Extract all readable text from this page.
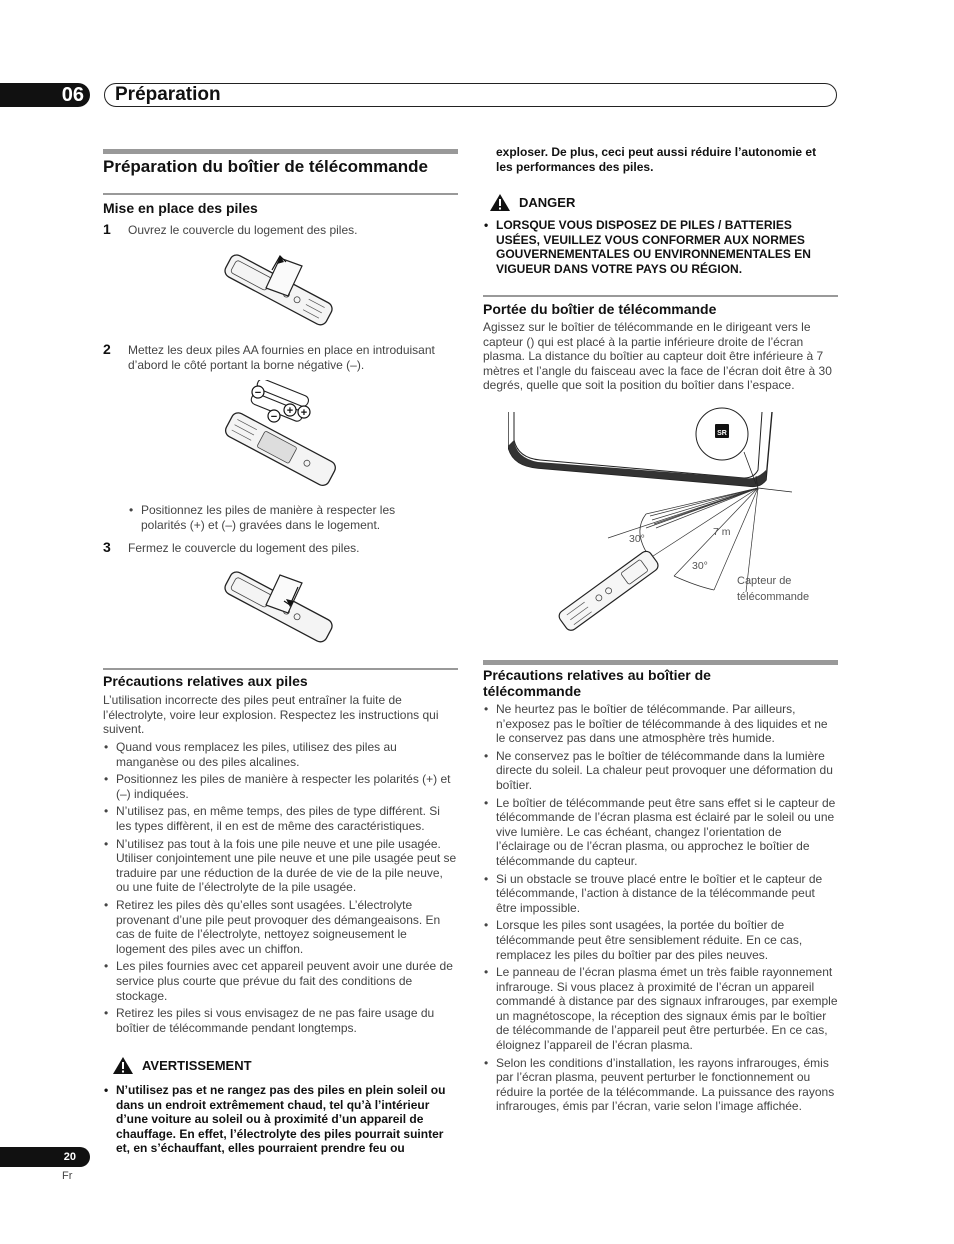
06	Préparation
Préparation du boîtier de télécommande
Mise en place des piles
1 Ouvrez le couvercle du logement des piles.
2 Mettez les deux piles AA fournies en place en introduisant d’abord le côté portant la borne négative (–).
−
+
− +
• Positionnez les piles de manière à respecter les polarités (+) et (–) gravées dans le logement.
3 Fermez le couvercle du logement des piles.
Précautions relatives aux piles
L’utilisation incorrecte des piles peut entraîner la fuite de l’électrolyte, voire leur explosion. Respectez les instructions qui suivent.
• Quand vous remplacez les piles, utilisez des piles au manganèse ou des piles alcalines.
• Positionnez les piles de manière à respecter les polarités (+) et (–) indiquées.
• N’utilisez pas, en même temps, des piles de type différent. Si les types diffèrent, il en est de même des caractéristiques.
• N’utilisez pas tout à la fois une pile neuve et une pile usagée. Utiliser conjointement une pile neuve et une pile usagée peut se traduire par une réduction de la durée de vie de la pile neuve, ou une fuite de l’électrolyte de la pile usagée.
• Retirez les piles dès qu’elles sont usagées. L’électrolyte provenant d’une pile peut provoquer des démangeaisons. En cas de fuite de l’électrolyte, nettoyez soigneusement le logement des piles avec un chiffon.
• Les piles fournies avec cet appareil peuvent avoir une durée de service plus courte que prévue du fait des conditions de stockage.
• Retirez les piles si vous envisagez de ne pas faire usage du boîtier de télécommande pendant longtemps.
AVERTISSEMENT
• N’utilisez pas et ne rangez pas des piles en plein soleil ou dans un endroit extrêmement chaud, tel qu’à l’intérieur d’une voiture au soleil ou à proximité d’un appareil de chauffage. En effet, l’électrolyte des piles pourrait suinter et, en s’échauffant, elles pourraient prendre feu ou
exploser. De plus, ceci peut aussi réduire l’autonomie et les performances des piles.
DANGER
• LORSQUE VOUS DISPOSEZ DE PILES / BATTERIES USÉES, VEUILLEZ VOUS CONFORMER AUX NORMES GOUVERNEMENTALES OU ENVIRONNEMENTALES EN VIGUEUR DANS VOTRE PAYS OU RÉGION.
Portée du boîtier de télécommande
Agissez sur le boîtier de télécommande en le dirigeant vers le capteur () qui est placé à la partie inférieure droite de l’écran plasma. La distance du boîtier au capteur doit être inférieure à 7 mètres et l’angle du faisceau avec la face de l’écran doit être à 30 degrés, quelle que soit la position du boîtier dans l’espace.
Pioneer
SR
30°
7 m
30°
Capteur de
télécommande
Précautions relatives au boîtier de
télécommande
• Ne heurtez pas le boîtier de télécommande. Par ailleurs, n’exposez pas le boîtier de télécommande à des liquides et ne le conservez pas dans une atmosphère très humide.
• Ne conservez pas le boîtier de télécommande dans la lumière directe du soleil. La chaleur peut provoquer une déformation du boîtier.
• Le boîtier de télécommande peut être sans effet si le capteur de télécommande de l’écran plasma est éclairé par le soleil ou une vive lumière. Le cas échéant, changez l’orientation de l’éclairage ou de l’écran plasma, ou approchez le boîtier de télécommande du capteur.
• Si un obstacle se trouve placé entre le boîtier et le capteur de télécommande, l’action à distance de la télécommande peut être impossible.
• Lorsque les piles sont usagées, la portée du boîtier de télécommande peut être sensiblement réduite. En ce cas, remplacez les piles du boîtier par des piles neuves.
• Le panneau de l’écran plasma émet un très faible rayonnement infrarouge. Si vous placez à proximité de l’écran un appareil commandé à distance par des signaux infrarouges, par exemple un magnétoscope, la réception des signaux émis par le boîtier de télécommande de l’appareil peut être perturbée. En ce cas, éloignez l’appareil de l’écran plasma.
• Selon les conditions d’installation, les rayons infrarouges, émis par l’écran plasma, peuvent perturber le fonctionnement ou réduire la portée de la télécommande. La puissance des rayons infrarouges, émis par l’écran, varie selon l’image affichée.
20
Fr
